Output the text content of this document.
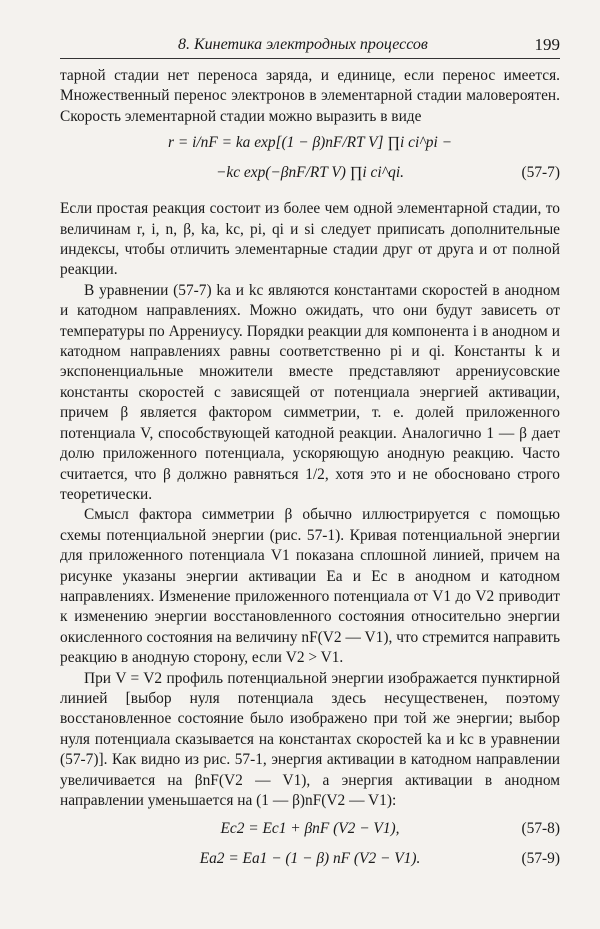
8. Кинетика электродных процессов	199

тарной стадии нет переноса заряда, и единице, если перенос имеется. Множественный перенос электронов в элементарной стадии маловероятен. Скорость элементарной стадии можно выразить в виде

r = i/nF = ka exp[(1 − β)nF/RT V] ∏i ci^pi −
−kc exp(−βnF/RT V) ∏i ci^qi.	(57-7)

Если простая реакция состоит из более чем одной элементарной стадии, то величинам r, i, n, β, ka, kc, pi, qi и si следует приписать дополнительные индексы, чтобы отличить элементарные стадии друг от друга и от полной реакции.

В уравнении (57-7) ka и kc являются константами скоростей в анодном и катодном направлениях. Можно ожидать, что они будут зависеть от температуры по Аррениусу. Порядки реакции для компонента i в анодном и катодном направлениях равны соответственно pi и qi. Константы k и экспоненциальные множители вместе представляют аррениусовские константы скоростей с зависящей от потенциала энергией активации, причем β является фактором симметрии, т. е. долей приложенного потенциала V, способствующей катодной реакции. Аналогично 1 — β дает долю приложенного потенциала, ускоряющую анодную реакцию. Часто считается, что β должно равняться 1/2, хотя это и не обосновано строго теоретически.

Смысл фактора симметрии β обычно иллюстрируется с помощью схемы потенциальной энергии (рис. 57-1). Кривая потенциальной энергии для приложенного потенциала V1 показана сплошной линией, причем на рисунке указаны энергии активации Ea и Ec в анодном и катодном направлениях. Изменение приложенного потенциала от V1 до V2 приводит к изменению энергии восстановленного состояния относительно энергии окисленного состояния на величину nF(V2 — V1), что стремится направить реакцию в анодную сторону, если V2 > V1.

При V = V2 профиль потенциальной энергии изображается пунктирной линией [выбор нуля потенциала здесь несущественен, поэтому восстановленное состояние было изображено при той же энергии; выбор нуля потенциала сказывается на константах скоростей ka и kc в уравнении (57-7)]. Как видно из рис. 57-1, энергия активации в катодном направлении увеличивается на βnF(V2 — V1), а энергия активации в анодном направлении уменьшается на (1 — β)nF(V2 — V1):

Ec2 = Ec1 + βnF (V2 − V1),	(57-8)
Ea2 = Ea1 − (1 − β) nF (V2 − V1).	(57-9)
